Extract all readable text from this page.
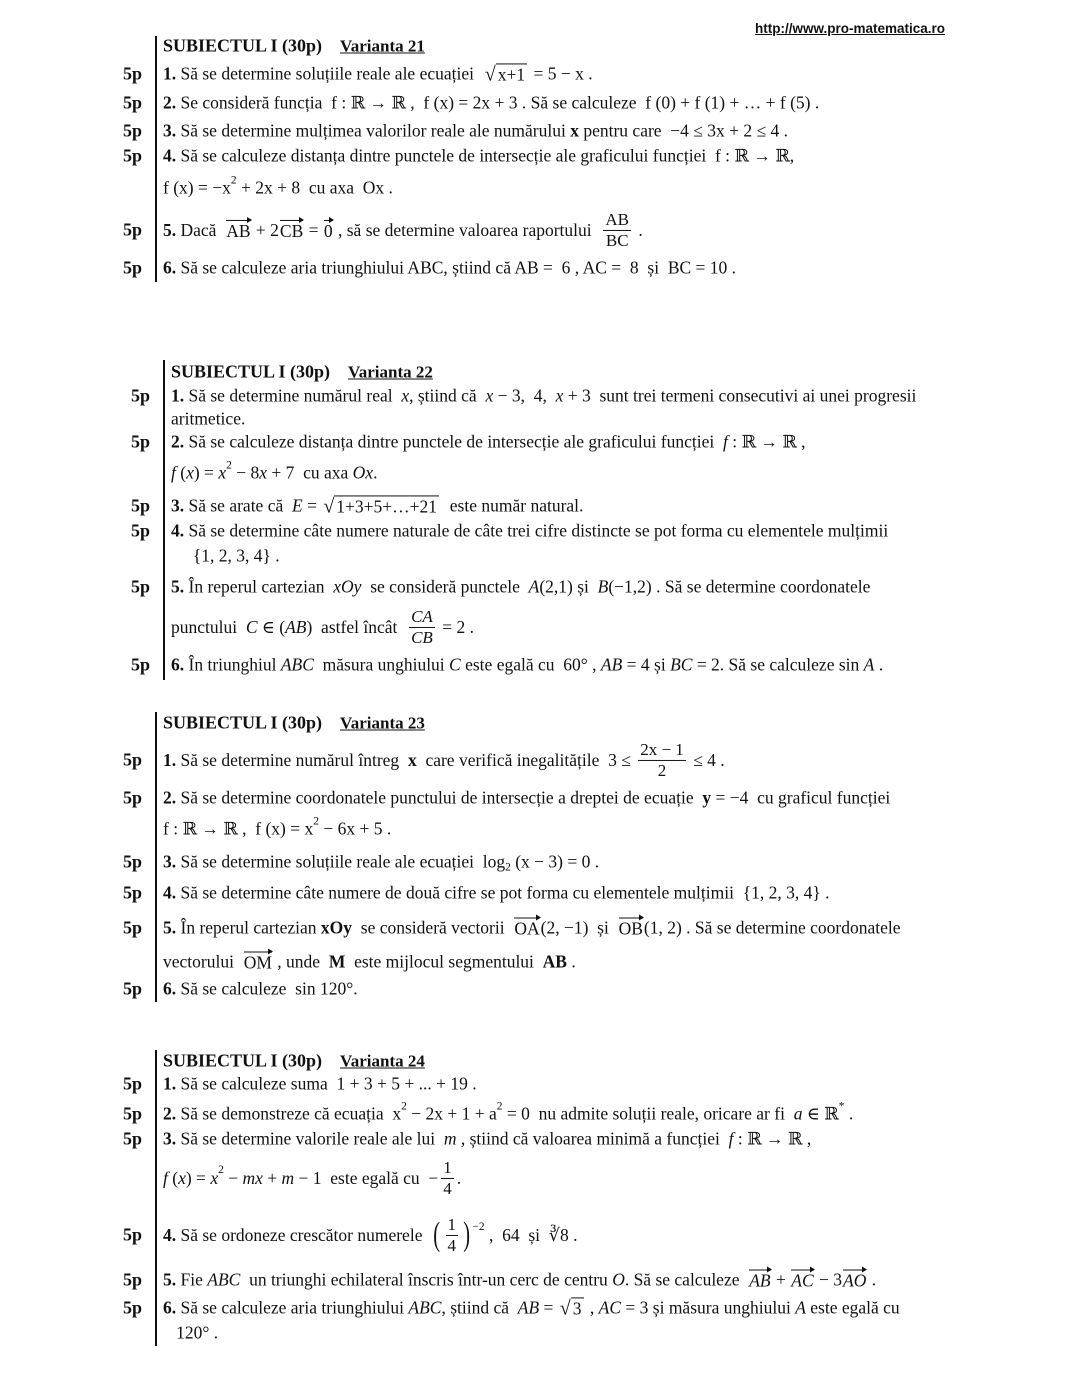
http://www.pro-matematica.ro
SUBIECTUL I (30p) Varianta 21
5p 1. Să se determine soluțiile reale ale ecuației √ x+1 = 5 − x .
5p 2. Se consideră funcția  f : ℝ → ℝ ,  f (x) = 2x + 3 . Să se calculeze  f (0) + f (1) + … + f (5) .
5p 3. Să se determine mulțimea valorilor reale ale numărului x pentru care  −4 ≤ 3x + 2 ≤ 4 .
5p 4. Să se calculeze distanța dintre punctele de intersecție ale graficului funcției  f : ℝ → ℝ,
f (x) = −x 2 + 2x + 8  cu axa  Ox .
5p 5. Dacă AB + 2 CB = 0 , să se determine valoarea raportului $\frac{AB}{BC}$ .
5p 6. Să se calculeze aria triunghiului ABC, știind că AB =  6 , AC =  8  și  BC = 10 .
SUBIECTUL I (30p) Varianta 22
5p 1. Să se determine numărul real x , știind că x − 3,  4, x + 3  sunt trei termeni consecutivi ai unei progresii
aritmetice.
5p 2. Să se calculeze distanța dintre punctele de intersecție ale graficului funcției f : ℝ → ℝ ,
f ( x ) = x 2 − 8 x + 7  cu axa Ox .
5p 3. Să se arate că E = √ 1+3+5+…+21 este număr natural.
5p 4. Să se determine câte numere naturale de câte trei cifre distincte se pot forma cu elementele mulțimii
{1, 2, 3, 4} .
5p 5. În reperul cartezian xOy se consideră punctele A (2,1) și B (−1,2) . Să se determine coordonatele
punctului C ∈ ( AB )  astfel încât $\frac{CA}{CB} = 2$ .
5p 6. În triunghiul ABC măsura unghiului C este egală cu  60° , AB = 4 și BC = 2. Să se calculeze sin A .
SUBIECTUL I (30p) Varianta 23
5p 1. Să se determine numărul întreg x care verifică inegalitățile  $3 \le \frac{2x - 1}{2} \le 4$ .
5p 2. Să se determine coordonatele punctului de intersecție a dreptei de ecuație y = −4  cu graficul funcției
f : ℝ → ℝ ,  f (x) = x 2 − 6x + 5 .
5p 3. Să se determine soluțiile reale ale ecuației  log 2 (x − 3) = 0 .
5p 4. Să se determine câte numere de două cifre se pot forma cu elementele mulțimii  {1, 2, 3, 4} .
5p 5. În reperul cartezian xOy se consideră vectorii OA (2, −1)  și OB (1, 2) . Să se determine coordonatele
vectorului OM , unde M este mijlocul segmentului AB .
5p 6. Să se calculeze  sin 120°.
SUBIECTUL I (30p) Varianta 24
5p 1. Să se calculeze suma  1 + 3 + 5 + ... + 19 .
5p 2. Să se demonstreze că ecuația  x 2 − 2x + 1 + a 2 = 0  nu admite soluții reale, oricare ar fi a ∈ ℝ * .
5p 3. Să se determine valorile reale ale lui m , știind că valoarea minimă a funcției f : ℝ → ℝ ,
f ( x ) = x 2 − mx + m − 1  este egală cu  − $\frac{1}{4}$ .
5p 4. Să se ordoneze crescător numerele ( $\frac{1}{4}$ ) −2 ,  64  și  ∛8 .
5p 5. Fie ABC un triunghi echilateral înscris într-un cerc de centru O . Să se calculeze AB + AC − 3 AO .
5p 6. Să se calculeze aria triunghiului ABC , știind că AB = √ 3 , AC = 3 și măsura unghiului A este egală cu
120° .
